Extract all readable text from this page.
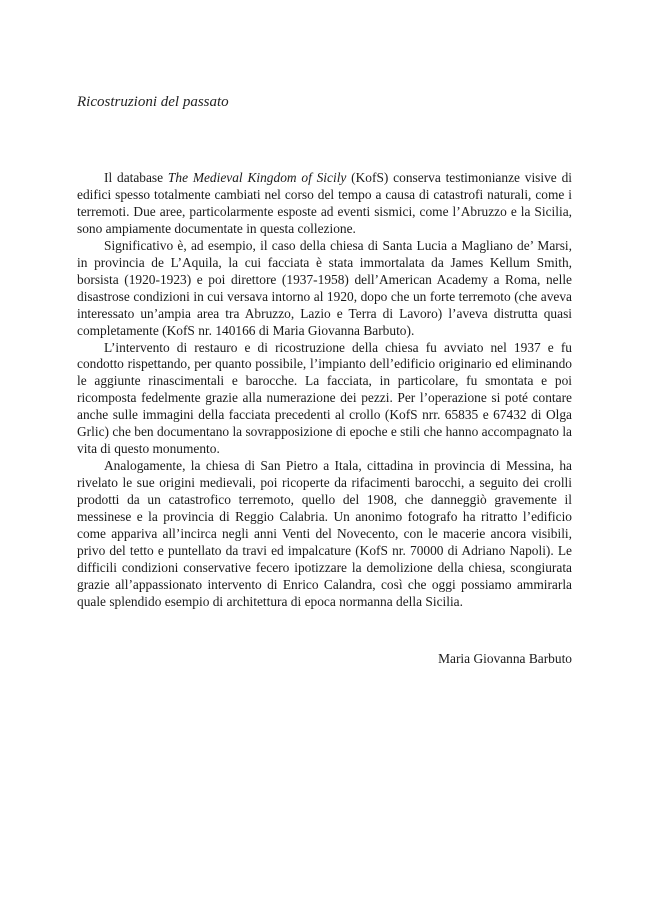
Ricostruzioni del passato

Il database The Medieval Kingdom of Sicily (KofS) conserva testimonianze visive di edifici spesso totalmente cambiati nel corso del tempo a causa di catastrofi naturali, come i terremoti. Due aree, particolarmente esposte ad eventi sismici, come l’Abruzzo e la Sicilia, sono ampiamente documentate in questa collezione.

Significativo è, ad esempio, il caso della chiesa di Santa Lucia a Magliano de’ Marsi, in provincia de L’Aquila, la cui facciata è stata immortalata da James Kellum Smith, borsista (1920-1923) e poi direttore (1937-1958) dell’American Academy a Roma, nelle disastrose condizioni in cui versava intorno al 1920, dopo che un forte terremoto (che aveva interessato un’ampia area tra Abruzzo, Lazio e Terra di Lavoro) l’aveva distrutta quasi completamente (KofS nr. 140166 di Maria Giovanna Barbuto).

L’intervento di restauro e di ricostruzione della chiesa fu avviato nel 1937 e fu condotto rispettando, per quanto possibile, l’impianto dell’edificio originario ed eliminando le aggiunte rinascimentali e barocche. La facciata, in particolare, fu smontata e poi ricomposta fedelmente grazie alla numerazione dei pezzi. Per l’operazione si poté contare anche sulle immagini della facciata precedenti al crollo (KofS nrr. 65835 e 67432 di Olga Grlic) che ben documentano la sovrapposizione di epoche e stili che hanno accompagnato la vita di questo monumento.

Analogamente, la chiesa di San Pietro a Itala, cittadina in provincia di Messina, ha rivelato le sue origini medievali, poi ricoperte da rifacimenti barocchi, a seguito dei crolli prodotti da un catastrofico terremoto, quello del 1908, che danneggiò gravemente il messinese e la provincia di Reggio Calabria. Un anonimo fotografo ha ritratto l’edificio come appariva all’incirca negli anni Venti del Novecento, con le macerie ancora visibili, privo del tetto e puntellato da travi ed impalcature (KofS nr. 70000 di Adriano Napoli). Le difficili condizioni conservative fecero ipotizzare la demolizione della chiesa, scongiurata grazie all’appassionato intervento di Enrico Calandra, così che oggi possiamo ammirarla quale splendido esempio di architettura di epoca normanna della Sicilia.

Maria Giovanna Barbuto
